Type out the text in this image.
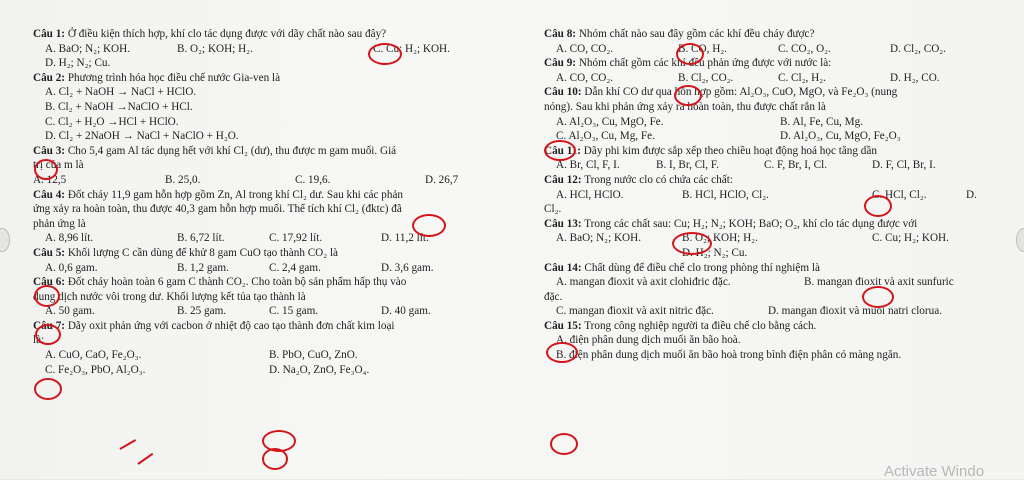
Câu 1: Ở điều kiện thích hợp, khí clo tác dụng được với dãy chất nào sau đây?
A. BaO; N₂; KOH.	B. O₂; KOH; H₂.	C. Cu; H₂; KOH.
D. H₂; N₂; Cu.
Câu 2: Phương trình hóa học điều chế nước Gia-ven là
A. Cl₂ + NaOH → NaCl + HClO.
B. Cl₂ + NaOH →NaClO + HCl.
C. Cl₂ + H₂O →HCl + HClO.
D. Cl₂ + 2NaOH → NaCl + NaClO + H₂O.
Câu 3: Cho 5,4 gam Al tác dụng hết với khí Cl₂ (dư), thu được m gam muối. Giá
trị của m là
A. 12,5	B. 25,0.	C. 19,6.	D. 26,7
Câu 4: Đốt cháy 11,9 gam hỗn hợp gồm Zn, Al trong khí Cl₂ dư. Sau khi các phản
ứng xảy ra hoàn toàn, thu được 40,3 gam hỗn hợp muối. Thể tích khí Cl₂ (đktc) đã
phản ứng là
A. 8,96 lít.	B. 6,72 lít.	C. 17,92 lít.	D. 11,2 lít.
Câu 5: Khối lượng C cần dùng để khử 8 gam CuO tạo thành CO₂ là
A. 0,6 gam.	B. 1,2 gam.	C. 2,4 gam.	D. 3,6 gam.
Câu 6: Đốt cháy hoàn toàn 6 gam C thành CO₂. Cho toàn bộ sản phẩm hấp thụ vào
dung dịch nước vôi trong dư. Khối lượng kết tủa tạo thành là
A. 50 gam.	B. 25 gam.	C. 15 gam.	D. 40 gam.
Câu 7: Dãy oxit phản ứng với cacbon ở nhiệt độ cao tạo thành đơn chất kim loại
là:
A. CuO, CaO, Fe₂O₃.	B. PbO, CuO, ZnO.
C. Fe₂O₃, PbO, Al₂O₃.	D. Na₂O, ZnO, Fe₃O₄.
Câu 8: Nhóm chất nào sau đây gồm các khí đều cháy được?
A. CO, CO₂.	B. CO, H₂.	C. CO₂, O₂.	D. Cl₂, CO₂.
Câu 9: Nhóm chất gồm các khí đều phản ứng được với nước là:
A. CO, CO₂.	B. Cl₂, CO₂.	C. Cl₂, H₂.	D. H₂, CO.
Câu 10: Dẫn khí CO dư qua hỗn hợp gồm: Al₂O₃, CuO, MgO, và Fe₂O₃ (nung
nóng). Sau khi phản ứng xảy ra hoàn toàn, thu được chất rắn là
A. Al₂O₃, Cu, MgO, Fe.	B. Al, Fe, Cu, Mg.
C. Al₂O₃, Cu, Mg, Fe.	D. Al₂O₃, Cu, MgO, Fe₂O₃
Câu 11: Dãy phi kim được sắp xếp theo chiều hoạt động hoá học tăng dần
A. Br, Cl, F, I.	B. I, Br, Cl, F.	C. F, Br, I, Cl.	D. F, Cl, Br, I.
Câu 12: Trong nước clo có chứa các chất:
A. HCl, HClO.	B. HCl, HClO, Cl₂.	C. HCl, Cl₂.	D.
Cl₂.
Câu 13: Trong các chất sau: Cu; H₂; N₂; KOH; BaO; O₂, khí clo tác dụng được với
A. BaO; N₂; KOH.	B. O₂; KOH; H₂.	C. Cu; H₂; KOH.
D. H₂; N₂; Cu.
Câu 14: Chất dùng để điều chế clo trong phòng thí nghiệm là
A. mangan đioxit và axit clohiđric đặc.	B. mangan đioxit và axit sunfuric
đặc.
C. mangan đioxit và axit nitric đặc.	D. mangan đioxit và muối natri clorua.
Câu 15: Trong công nghiệp người ta điều chế clo bằng cách.
A. điện phân dung dịch muối ăn bão hoà.
B. điện phân dung dịch muối ăn bão hoà trong bình điện phân có màng ngăn.
Activate Windo
